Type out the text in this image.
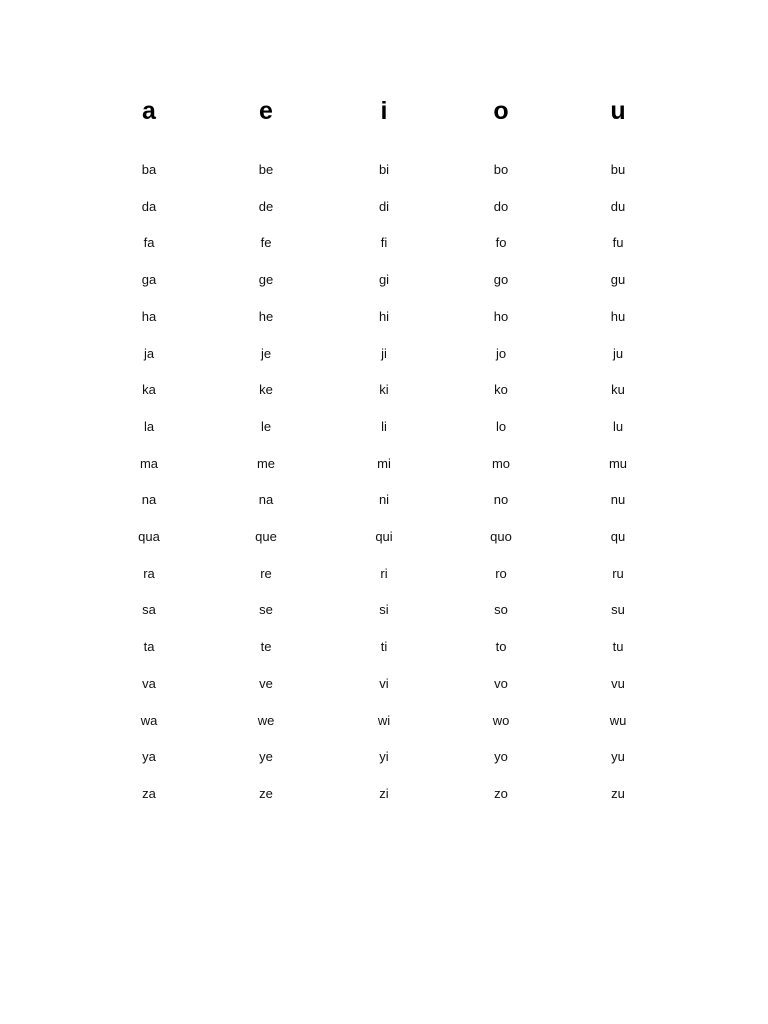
a
ba
da
fa
ga
ha
ja
ka
la
ma
na
qua
ra
sa
ta
va
wa
ya
za
e
be
de
fe
ge
he
je
ke
le
me
na
que
re
se
te
ve
we
ye
ze
i
bi
di
fi
gi
hi
ji
ki
li
mi
ni
qui
ri
si
ti
vi
wi
yi
zi
o
bo
do
fo
go
ho
jo
ko
lo
mo
no
quo
ro
so
to
vo
wo
yo
zo
u
bu
du
fu
gu
hu
ju
ku
lu
mu
nu
qu
ru
su
tu
vu
wu
yu
zu
